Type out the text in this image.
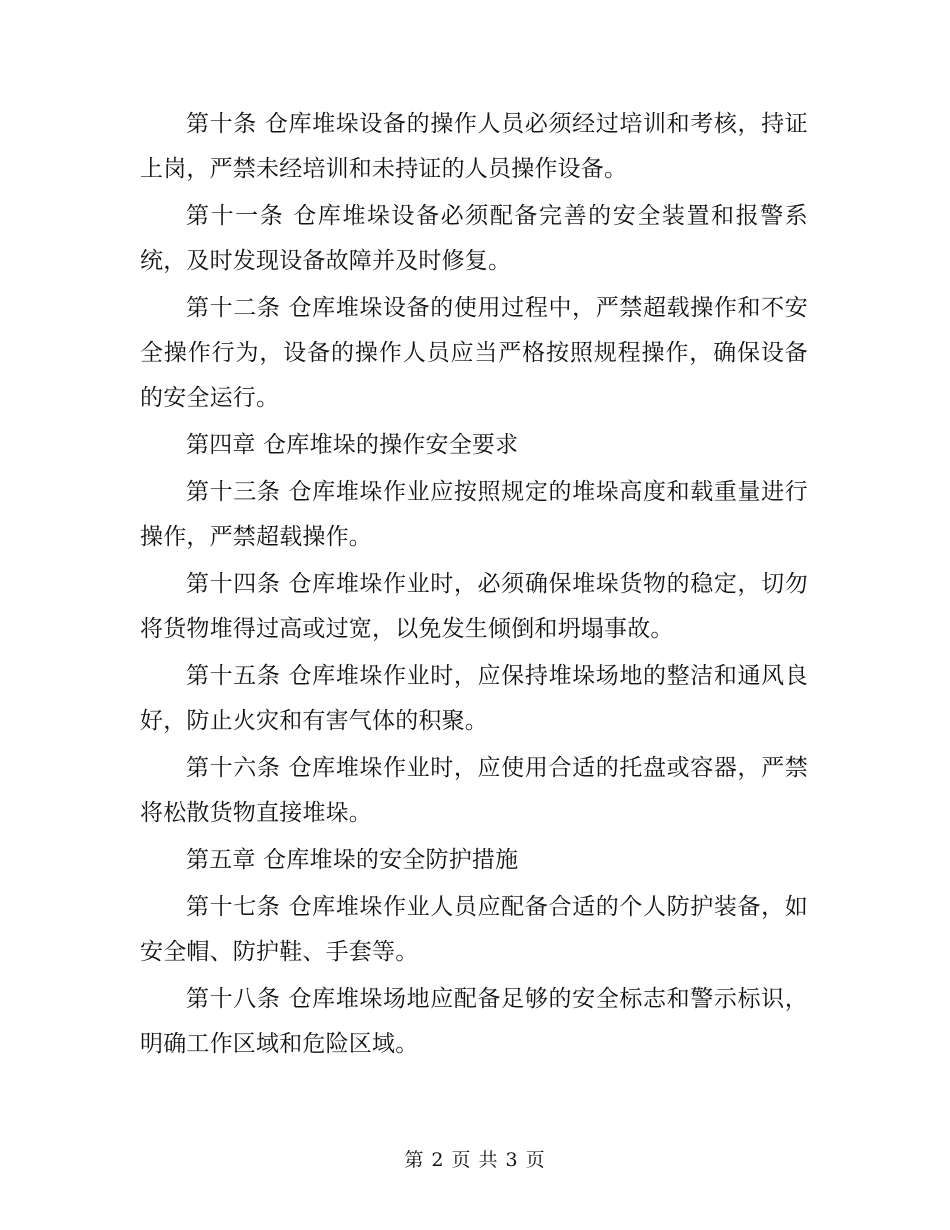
第十条 仓库堆垛设备的操作人员必须经过培训和考核，持证上岗，严禁未经培训和未持证的人员操作设备。

第十一条 仓库堆垛设备必须配备完善的安全装置和报警系统，及时发现设备故障并及时修复。

第十二条 仓库堆垛设备的使用过程中，严禁超载操作和不安全操作行为，设备的操作人员应当严格按照规程操作，确保设备的安全运行。

第四章 仓库堆垛的操作安全要求

第十三条 仓库堆垛作业应按照规定的堆垛高度和载重量进行操作，严禁超载操作。

第十四条 仓库堆垛作业时，必须确保堆垛货物的稳定，切勿将货物堆得过高或过宽，以免发生倾倒和坍塌事故。

第十五条 仓库堆垛作业时，应保持堆垛场地的整洁和通风良好，防止火灾和有害气体的积聚。

第十六条 仓库堆垛作业时，应使用合适的托盘或容器，严禁将松散货物直接堆垛。

第五章 仓库堆垛的安全防护措施

第十七条 仓库堆垛作业人员应配备合适的个人防护装备，如安全帽、防护鞋、手套等。

第十八条 仓库堆垛场地应配备足够的安全标志和警示标识，明确工作区域和危险区域。

第 2 页 共 3 页
